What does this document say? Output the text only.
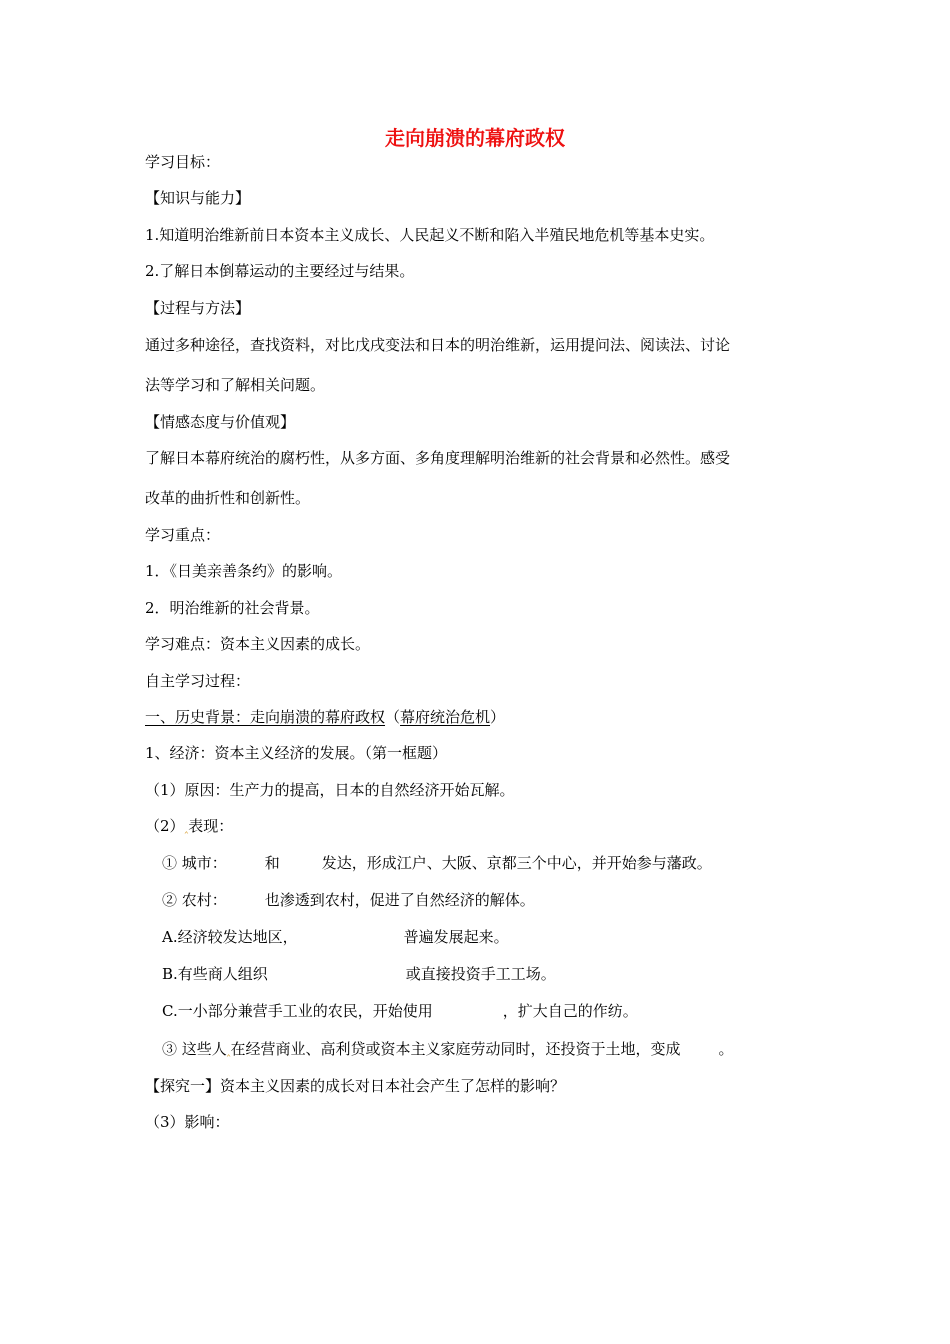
走向崩溃的幕府政权
学习目标：
【知识与能力】
1.知道明治维新前日本资本主义成长、人民起义不断和陷入半殖民地危机等基本史实。
2.了解日本倒幕运动的主要经过与结果。
【过程与方法】
通过多种途径，查找资料，对比戊戌变法和日本的明治维新，运用提问法、阅读法、讨论
法等学习和了解相关问题。
【情感态度与价值观】
了解日本幕府统治的腐朽性，从多方面、多角度理解明治维新的社会背景和必然性。感受
改革的曲折性和创新性。
学习重点：
1．《日美亲善条约》的影响。
2．明治维新的社会背景。
学习难点：资本主义因素的成长。
自主学习过程：
一、历史背景：走向崩溃的幕府政权（幕府统治危机）
1、经济：资本主义经济的发展。（第一框题）
（1）原因：生产力的提高，日本的自然经济开始瓦解。
（2）‸表现：
① 城市：	和	发达，形成江户、大阪、京都三个中心，并开始参与藩政。
② 农村：	也渗透到农村，促进了自然经济的解体。
A.经济较发达地区，	普遍发展起来。
B.有些商人组织	或直接投资手工工场。
C.一小部分兼营手工业的农民，开始使用	，扩大自己的作纺。
③ 这些人‸在经营商业、高利贷或资本主义家庭劳动同时，还投资于土地，变成	。
【探究一】资本主义因素的成长对日本社会产生了怎样的影响？
（3）影响：
